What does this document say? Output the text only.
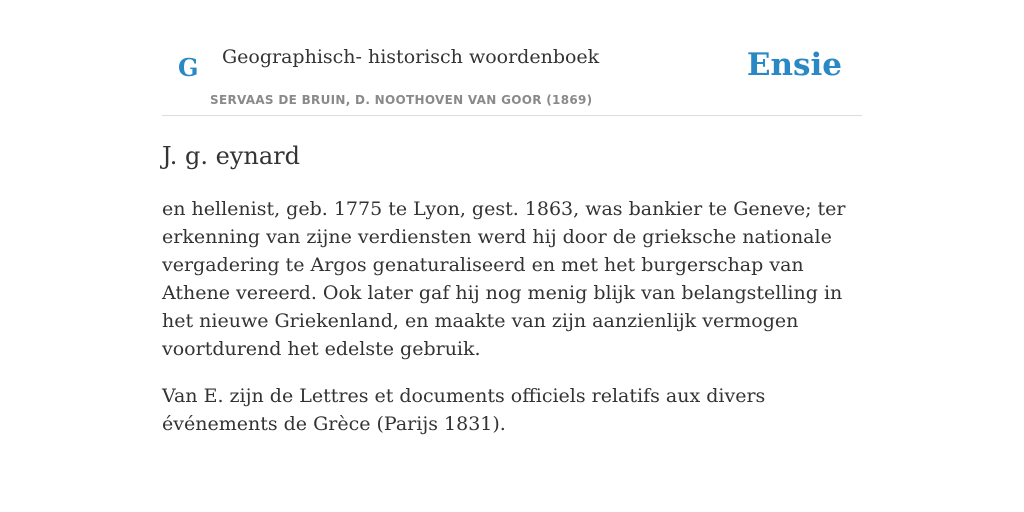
G Geographisch- historisch woordenboek
SERVAAS DE BRUIN, D. NOOTHOVEN VAN GOOR (1869)
Ensie
J. g. eynard

en hellenist, geb. 1775 te Lyon, gest. 1863, was bankier te Geneve; ter erkenning van zijne verdiensten werd hij door de grieksche nationale vergadering te Argos genaturaliseerd en met het burgerschap van Athene vereerd. Ook later gaf hij nog menig blijk van belangstelling in het nieuwe Griekenland, en maakte van zijn aanzienlijk vermogen voortdurend het edelste gebruik.

Van E. zijn de Lettres et documents officiels relatifs aux divers événements de Grèce (Parijs 1831).
